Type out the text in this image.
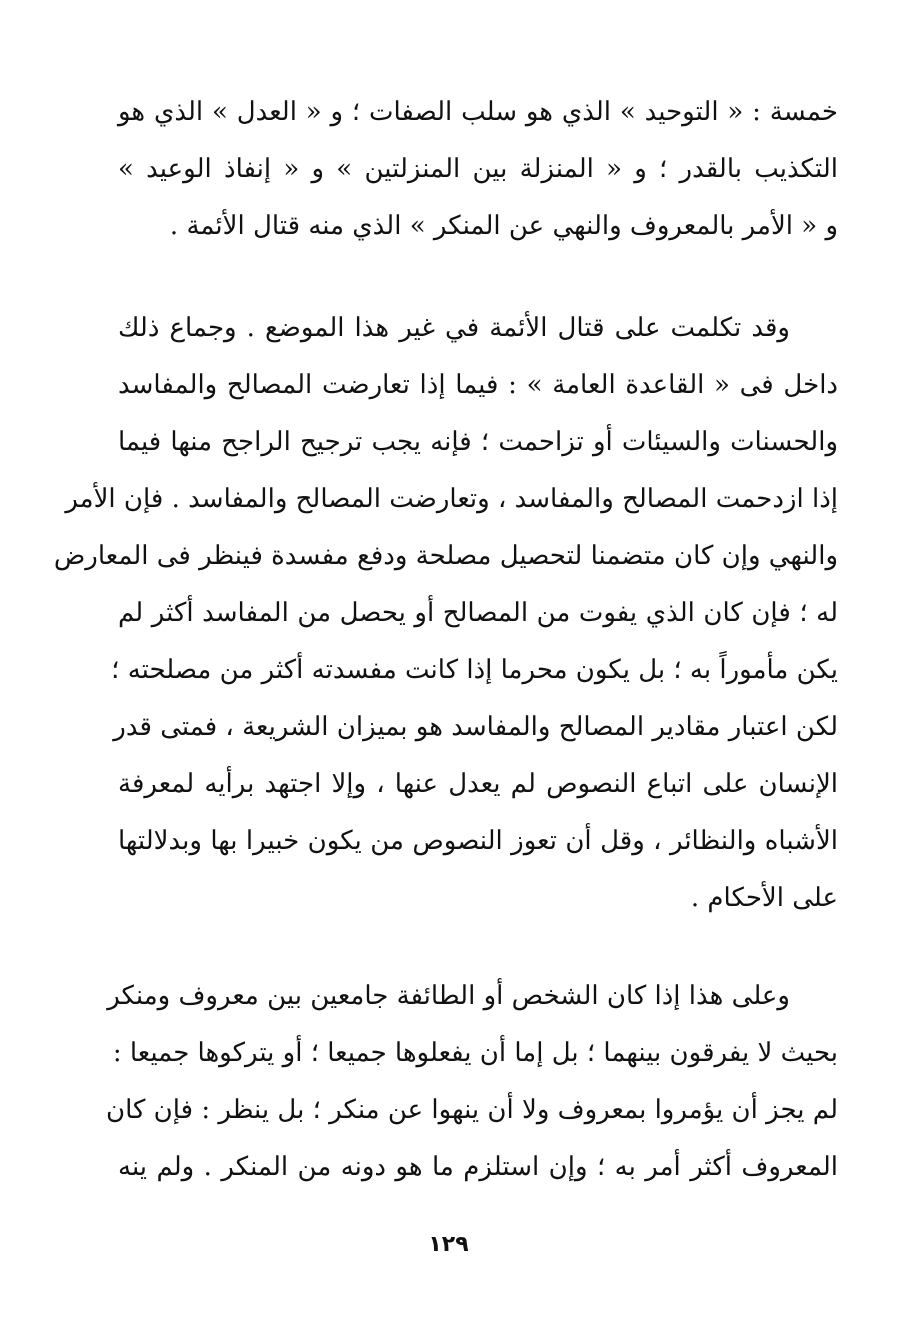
خمسة : « التوحيد » الذي هو سلب الصفات ؛ و « العدل » الذي هو
التكذيب بالقدر ؛ و « المنزلة بين المنزلتين » و « إنفاذ الوعيد »
و « الأمر بالمعروف والنهي عن المنكر » الذي منه قتال الأئمة .
وقد تكلمت على قتال الأئمة في غير هذا الموضع . وجماع ذلك
داخل فى « القاعدة العامة » : فيما إذا تعارضت المصالح والمفاسد
والحسنات والسيئات أو تزاحمت ؛ فإنه يجب ترجيح الراجح منها فيما
إذا ازدحمت المصالح والمفاسد ، وتعارضت المصالح والمفاسد . فإن الأمر
والنهي وإن كان متضمنا لتحصيل مصلحة ودفع مفسدة فينظر فى المعارض
له ؛ فإن كان الذي يفوت من المصالح أو يحصل من المفاسد أكثر لم
يكن مأموراً به ؛ بل يكون محرما إذا كانت مفسدته أكثر من مصلحته ؛
لكن اعتبار مقادير المصالح والمفاسد هو بميزان الشريعة ، فمتى قدر
الإنسان على اتباع النصوص لم يعدل عنها ، وإلا اجتهد برأيه لمعرفة
الأشباه والنظائر ، وقل أن تعوز النصوص من يكون خبيرا بها وبدلالتها
على الأحكام .
وعلى هذا إذا كان الشخص أو الطائفة جامعين بين معروف ومنكر
بحيث لا يفرقون بينهما ؛ بل إما أن يفعلوها جميعا ؛ أو يتركوها جميعا :
لم يجز أن يؤمروا بمعروف ولا أن ينهوا عن منكر ؛ بل ينظر : فإن كان
المعروف أكثر أمر به ؛ وإن استلزم ما هو دونه من المنكر . ولم ينه
١٢٩
